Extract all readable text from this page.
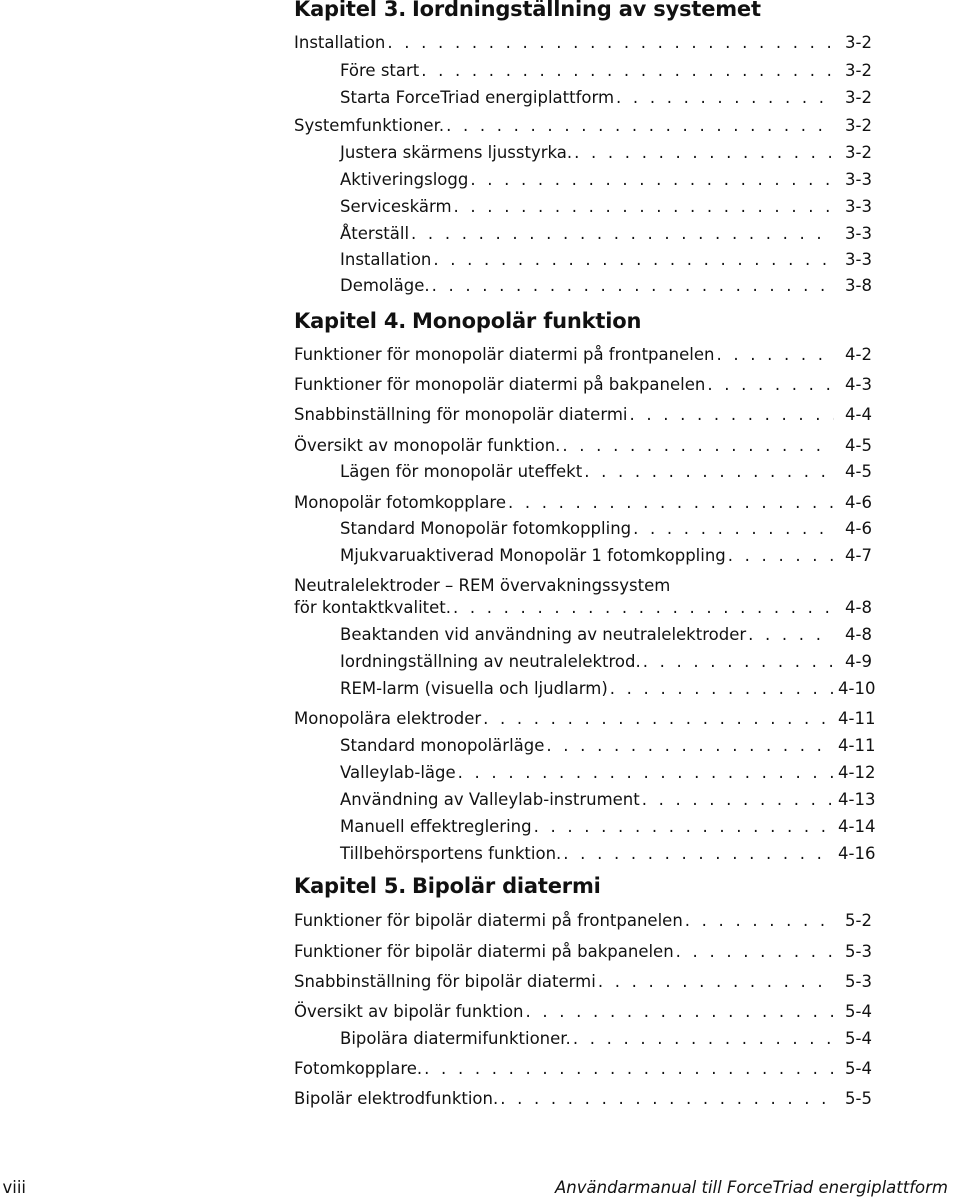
Kapitel 3. Iordningställning av systemet
Installation . . .	3-2
Före start . . .	3-2
Starta ForceTriad energiplattform . . .	3-2
Systemfunktioner. . . .	3-2
Justera skärmens ljusstyrka. . . .	3-2
Aktiveringslogg . . .	3-3
Serviceskärm . . .	3-3
Återställ . . .	3-3
Installation . . .	3-3
Demoläge. . . .	3-8
Kapitel 4. Monopolär funktion
Funktioner för monopolär diatermi på frontpanelen . . .	4-2
Funktioner för monopolär diatermi på bakpanelen . . .	4-3
Snabbinställning för monopolär diatermi . . .	4-4
Översikt av monopolär funktion. . . .	4-5
Lägen för monopolär uteffekt . . .	4-5
Monopolär fotomkopplare . . .	4-6
Standard Monopolär fotomkoppling . . .	4-6
Mjukvaruaktiverad Monopolär 1 fotomkoppling . . .	4-7
Neutralelektroder – REM övervakningssystem
för kontaktkvalitet. . . .	4-8
Beaktanden vid användning av neutralelektroder . . .	4-8
Iordningställning av neutralelektrod. . . .	4-9
REM-larm (visuella och ljudlarm) . . .	4-10
Monopolära elektroder . . .	4-11
Standard monopolärläge . . .	4-11
Valleylab-läge . . .	4-12
Användning av Valleylab-instrument . . .	4-13
Manuell effektreglering . . .	4-14
Tillbehörsportens funktion. . . .	4-16
Kapitel 5. Bipolär diatermi
Funktioner för bipolär diatermi på frontpanelen . . .	5-2
Funktioner för bipolär diatermi på bakpanelen . . .	5-3
Snabbinställning för bipolär diatermi . . .	5-3
Översikt av bipolär funktion . . .	5-4
Bipolära diatermifunktioner. . . .	5-4
Fotomkopplare. . . .	5-4
Bipolär elektrodfunktion. . . .	5-5
viii	Användarmanual till ForceTriad energiplattform
